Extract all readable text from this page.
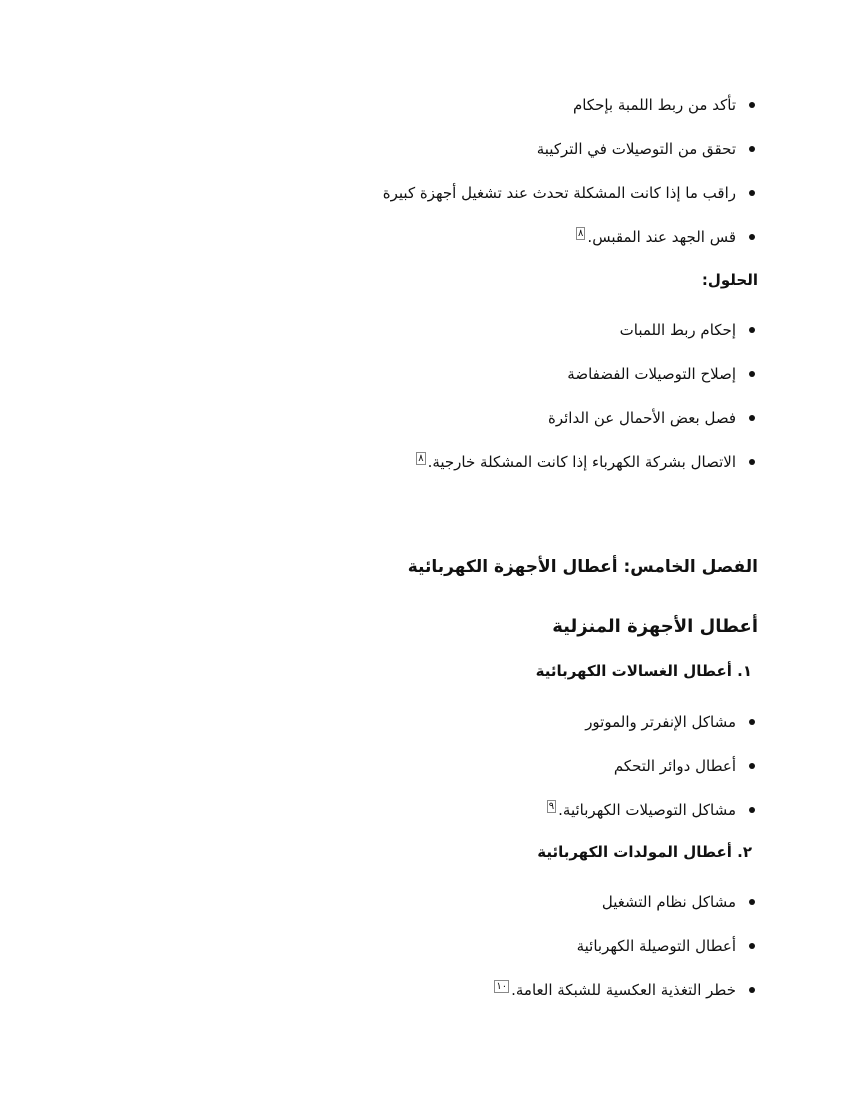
تأكد من ربط اللمبة بإحكام
تحقق من التوصيلات في التركيبة
راقب ما إذا كانت المشكلة تحدث عند تشغيل أجهزة كبيرة
قس الجهد عند المقبس.$^٨$
الحلول:
إحكام ربط اللمبات
إصلاح التوصيلات الفضفاضة
فصل بعض الأحمال عن الدائرة
الاتصال بشركة الكهرباء إذا كانت المشكلة خارجية.$^٨$
الفصل الخامس: أعطال الأجهزة الكهربائية
أعطال الأجهزة المنزلية
١. أعطال الغسالات الكهربائية
مشاكل الإنفرتر والموتور
أعطال دوائر التحكم
مشاكل التوصيلات الكهربائية.$^٩$
٢. أعطال المولدات الكهربائية
مشاكل نظام التشغيل
أعطال التوصيلة الكهربائية
خطر التغذية العكسية للشبكة العامة.$^{١٠}$
